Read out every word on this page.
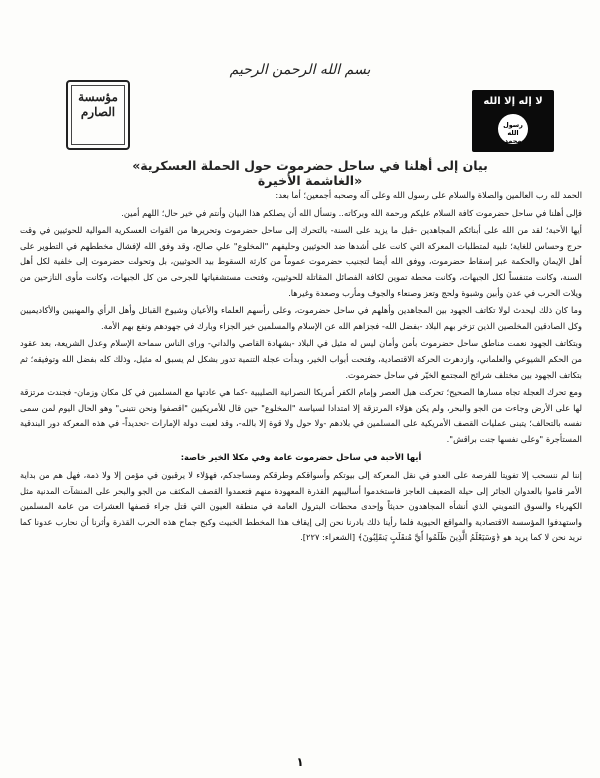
لا إله إلا الله
رسول الله محمد
مؤسسة الصارم
بسم الله الرحمن الرحيم
«بيان إلى أهلنا في ساحل حضرموت حول الحملة العسكرية الغاشمة الأخيرة»

الحمد لله رب العالمين والصلاة والسلام على رسول الله وعلى آله وصحبه أجمعين؛ أما بعد:

فإلى أهلنا في ساحل حضرموت كافة السلام عليكم ورحمة الله وبركاته.. ونسأل الله أن يصلكم هذا البيان وأنتم في خير حال؛ اللهم أمين.

أيها الأحبة؛ لقد من الله على أبنائكم المجاهدين -قبل ما يزيد على السنة- بالتحرك إلى ساحل حضرموت وتحريرها من القوات العسكرية الموالية للحوثيين في وقت حرج وحساس للغاية؛ تلبية لمتطلبات المعركة التي كانت على أشدها ضد الحوثيين وحليفهم "المخلوع" علي صالح، وقد وفق الله لإفشال مخططهم في التطوير على أهل الإيمان والحكمة عبر إسقاط حضرموت، ووفق الله أيضا لتجنيب حضرموت عموماً من كارثة السقوط بيد الحوثيين، بل وتحولت حضرموت إلى خلفية لكل أهل السنة، وكانت متنفساً لكل الجبهات، وكانت محطة تموين لكافة الفصائل المقاتلة للحوثيين، وفتحت مستشفياتها للجرحى من كل الجبهات، وكانت مأوى النازحين من ويلات الحرب في عدن وأبين وشبوة ولحج وتعز وصنعاء والجوف ومأرب وصعدة وغيرها.

وما كان ذلك ليحدث لولا تكاتف الجهود بين المجاهدين وأهلهم في ساحل حضرموت، وعلى رأسهم العلماء والأعيان وشيوخ القبائل وأهل الرأي والمهنيين والأكاديميين وكل الصادقين المخلصين الذين تزخر بهم البلاد -بفضل الله- فجزاهم الله عن الإسلام والمسلمين خير الجزاء وبارك في جهودهم ونفع بهم الأمة.

وبتكاتف الجهود نعمت مناطق ساحل حضرموت بأمن وأمان ليس له مثيل في البلاد -بشهادة القاصي والداني- وراى الناس سماحة الإسلام وعدل الشريعة، بعد عقود من الحكم الشيوعي والعلماني، وازدهرت الحركة الاقتصادية، وفتحت أبواب الخير، وبدأت عجلة التنمية تدور بشكل لم يسبق له مثيل، وذلك كله بفضل الله وتوفيقه؛ ثم بتكاتف الجهود بين مختلف شرائح المجتمع الخيّر في ساحل حضرموت.

ومع تحرك العجلة تجاه مسارها الصحيح؛ تحركت هبل العصر وإمام الكفر أمريكا النصرانية الصليبية -كما هي عادتها مع المسلمين في كل مكان وزمان- فجندت مرتزقة لها على الأرض وجاءت من الجو والبحر، ولم يكن هؤلاء المرتزقة إلا امتدادا لسياسة "المخلوع" حين قال للأمريكيين "اقصفوا ونحن نتبنى" وهو الحال اليوم لمن سمى نفسه بالتحالف؛ يتبنى عمليات القصف الأمريكية على المسلمين في بلادهم -ولا حول ولا قوة إلا بالله-، وقد لعبت دولة الإمارات -تحديداً- في هذه المعركة دور البندقية المستأجرة "وعلى نفسها جنت براقش".

أيها الأحبة في ساحل حضرموت عامة وفي مكلا الخير خاصة:

إننا لم ننسحب إلا تفويتا للفرصة على العدو في نقل المعركة إلى بيوتكم وأسواقكم وطرقكم ومساجدكم، فهؤلاء لا يرقبون في مؤمن إلا ولا ذمة، فهل هم من بداية الأمر قاموا بالعدوان الجائر إلى حيلة الضعيف العاجز فاستخدموا أساليبهم القذرة المعهودة منهم فتعمدوا القصف المكثف من الجو والبحر على المنشآت المدنية مثل الكهرباء والسوق التمويني الذي أنشأه المجاهدون حديثاً وإحدى محطات البترول العامة في منطقة العيون التي قتل جراء قصفها العشرات من عامة المسلمين واستهدفوا المؤسسة الاقتصادية والمواقع الحيوية فلما رأينا ذلك بادرنا نحن إلى إيقاف هذا المخطط الخبيث وكبح جماح هذه الحرب القذرة وأثرنا أن نحارب عدونا كما نريد نحن لا كما يريد هو ﴿وَسَيَعْلَمُ الَّذِينَ ظَلَمُوا أَيَّ مُنقَلَبٍ يَنقَلِبُونَ﴾ [الشعراء: ٢٢٧].

١
